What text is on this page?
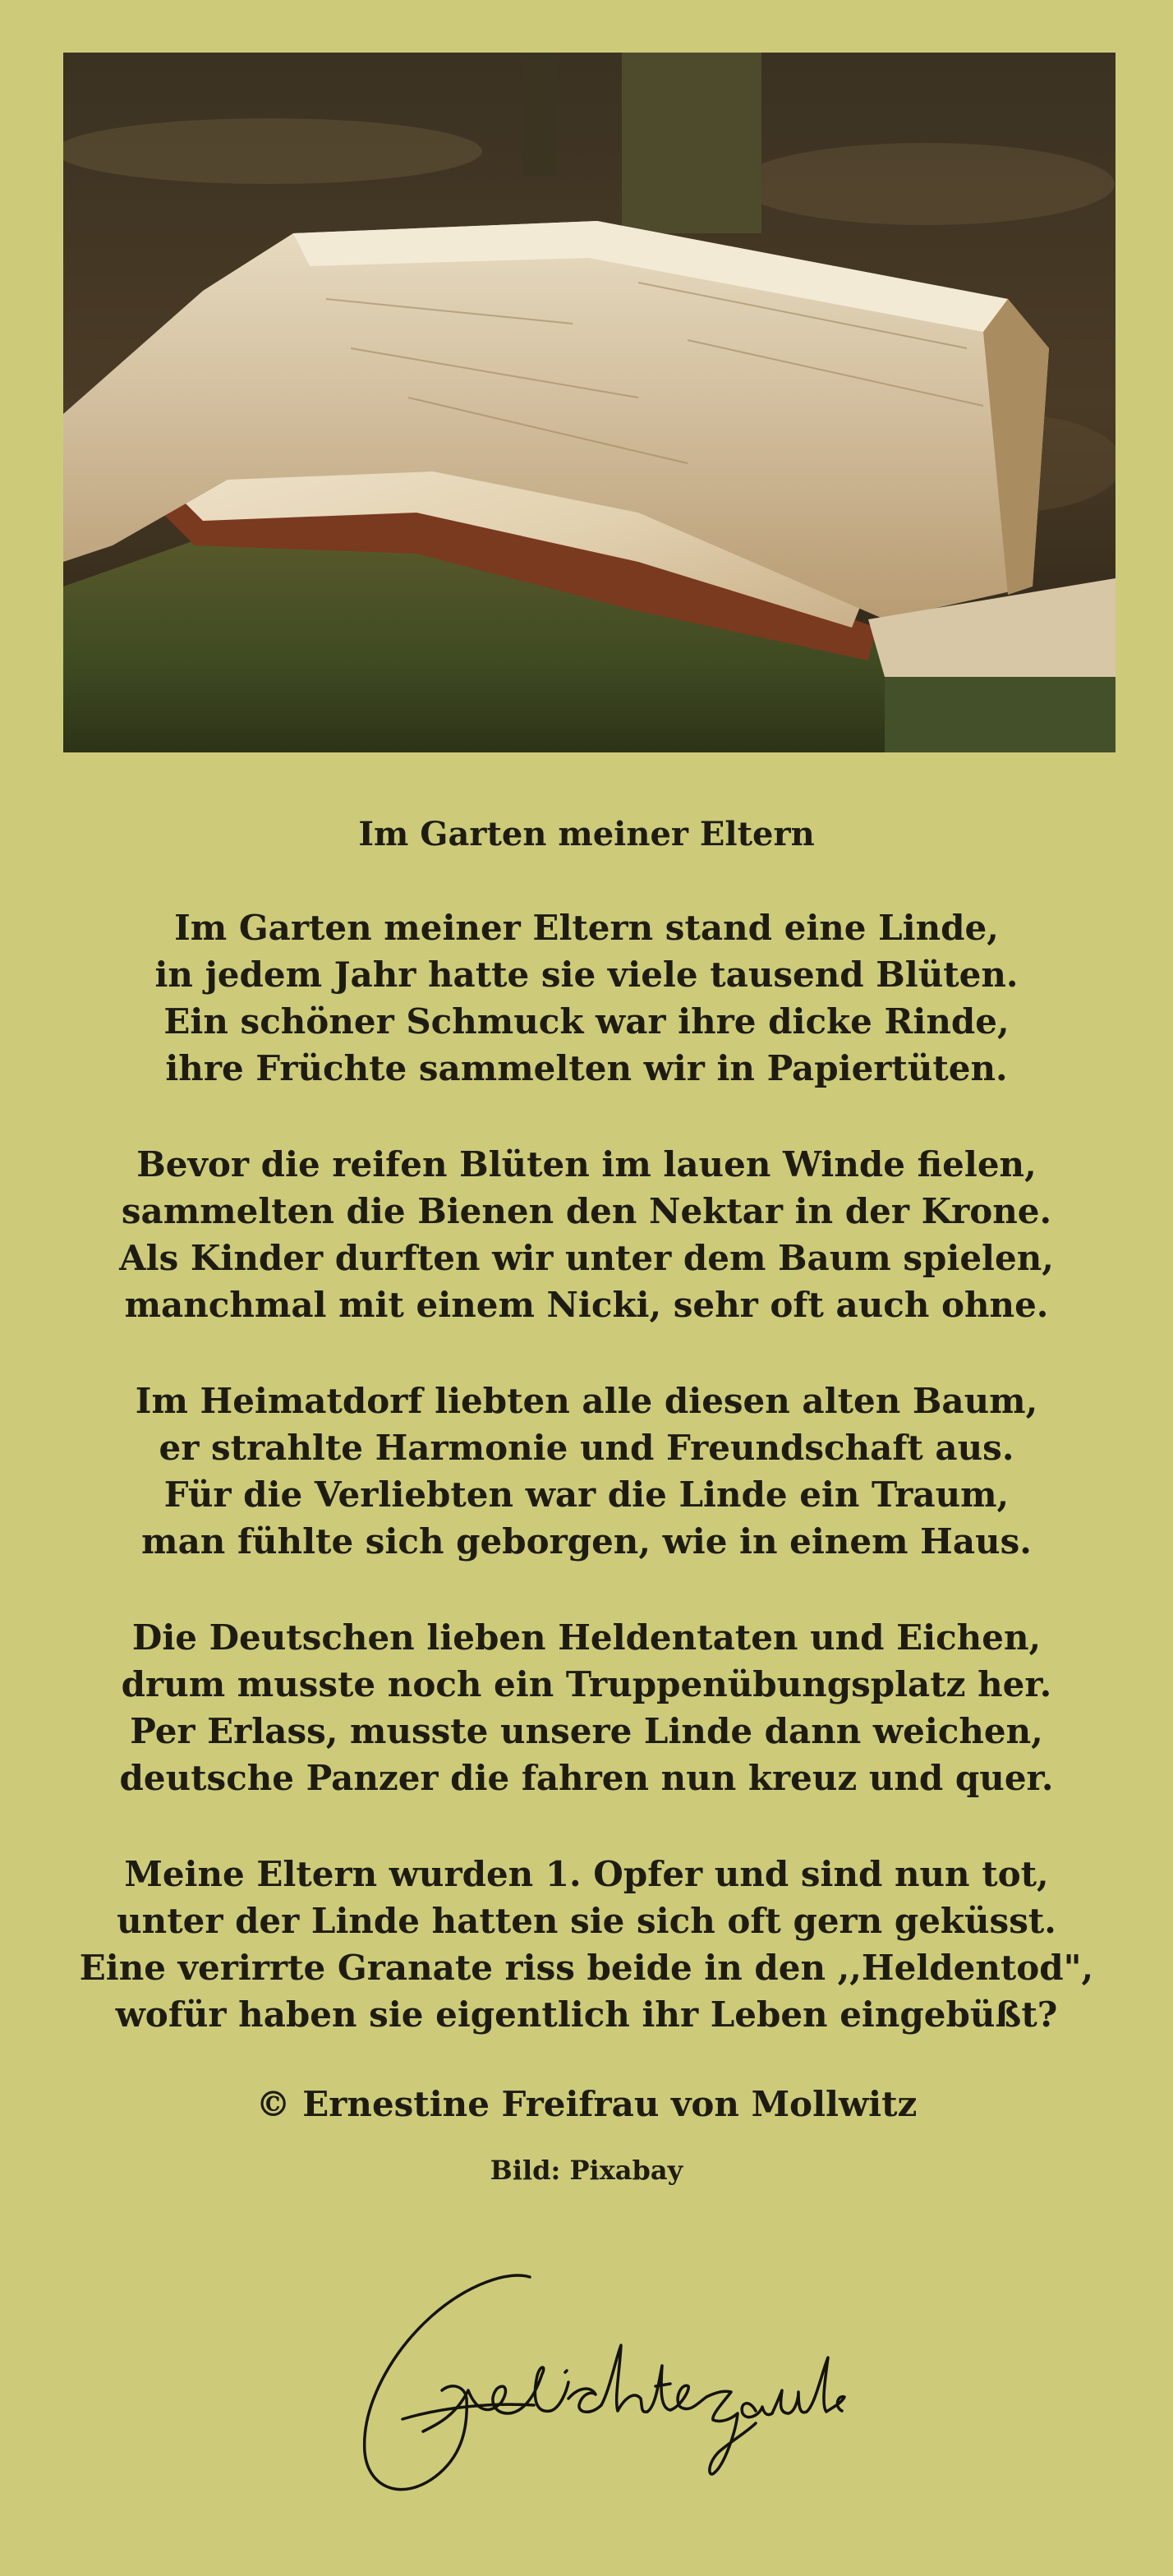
Im Garten meiner Eltern
Im Garten meiner Eltern stand eine Linde,
in jedem Jahr hatte sie viele tausend Blüten.
Ein schöner Schmuck war ihre dicke Rinde,
ihre Früchte sammelten wir in Papiertüten.
Bevor die reifen Blüten im lauen Winde fielen,
sammelten die Bienen den Nektar in der Krone.
Als Kinder durften wir unter dem Baum spielen,
manchmal mit einem Nicki, sehr oft auch ohne.
Im Heimatdorf liebten alle diesen alten Baum,
er strahlte Harmonie und Freundschaft aus.
Für die Verliebten war die Linde ein Traum,
man fühlte sich geborgen, wie in einem Haus.
Die Deutschen lieben Heldentaten und Eichen,
drum musste noch ein Truppenübungsplatz her.
Per Erlass, musste unsere Linde dann weichen,
deutsche Panzer die fahren nun kreuz und quer.
Meine Eltern wurden 1. Opfer und sind nun tot,
unter der Linde hatten sie sich oft gern geküsst.
Eine verirrte Granate riss beide in den ,,Heldentod",
wofür haben sie eigentlich ihr Leben eingebüßt?
© Ernestine Freifrau von Mollwitz
Bild: Pixabay
